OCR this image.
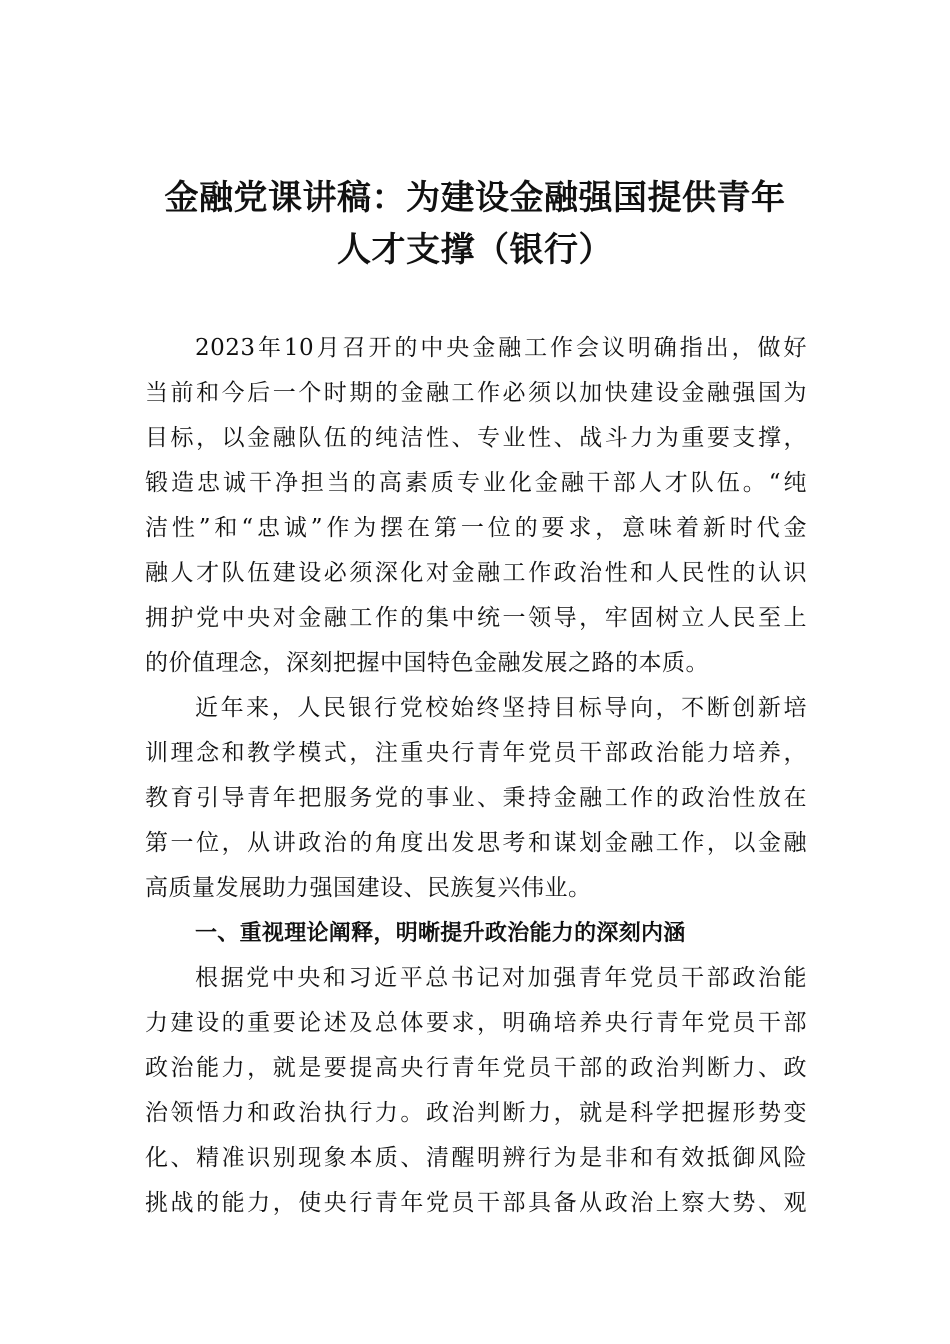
金融党课讲稿：为建设金融强国提供青年
人才支撑（银行）
2023年10月召开的中央金融工作会议明确指出，做好
当前和今后一个时期的金融工作必须以加快建设金融强国为
目标，以金融队伍的纯洁性、专业性、战斗力为重要支撑，
锻造忠诚干净担当的高素质专业化金融干部人才队伍。“纯
洁性”和“忠诚”作为摆在第一位的要求，意味着新时代金
融人才队伍建设必须深化对金融工作政治性和人民性的认识
拥护党中央对金融工作的集中统一领导，牢固树立人民至上
的价值理念，深刻把握中国特色金融发展之路的本质。
近年来，人民银行党校始终坚持目标导向，不断创新培
训理念和教学模式，注重央行青年党员干部政治能力培养，
教育引导青年把服务党的事业、秉持金融工作的政治性放在
第一位，从讲政治的角度出发思考和谋划金融工作，以金融
高质量发展助力强国建设、民族复兴伟业。
一、重视理论阐释，明晰提升政治能力的深刻内涵
根据党中央和习近平总书记对加强青年党员干部政治能
力建设的重要论述及总体要求，明确培养央行青年党员干部
政治能力，就是要提高央行青年党员干部的政治判断力、政
治领悟力和政治执行力。政治判断力，就是科学把握形势变
化、精准识别现象本质、清醒明辨行为是非和有效抵御风险
挑战的能力，使央行青年党员干部具备从政治上察大势、观
